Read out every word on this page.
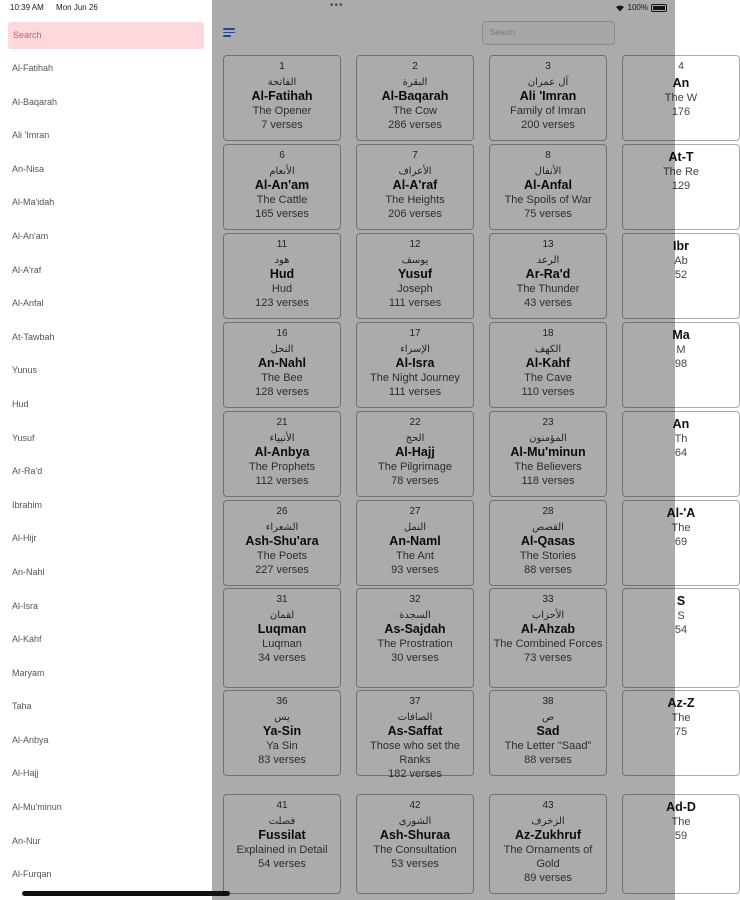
10:39 AM Mon Jun 26
Search
Al-Fatihah
Al-Baqarah
Ali 'Imran
An-Nisa
Al-Ma'idah
Al-An'am
Al-A'raf
Al-Anfal
At-Tawbah
Yunus
Hud
Yusuf
Ar-Ra'd
Ibrahim
Al-Hijr
An-Nahl
Al-Isra
Al-Kahf
Maryam
Taha
Al-Anbya
Al-Hajj
Al-Mu'minun
An-Nur
Al-Furqan
•••	100%
Search
1
الفاتحة
Al-Fatihah
The Opener
7 verses
2
البقرة
Al-Baqarah
The Cow
286 verses
3
آل عمران
Ali 'Imran
Family of Imran
200 verses
4
An
The W
176
6
الأنعام
Al-An'am
The Cattle
165 verses
7
الأعراف
Al-A'raf
The Heights
206 verses
8
الأنفال
Al-Anfal
The Spoils of War
75 verses
At-T
The Re
129
11
هود
Hud
Hud
123 verses
12
يوسف
Yusuf
Joseph
111 verses
13
الرعد
Ar-Ra'd
The Thunder
43 verses
Ibr
Ab
52
16
النحل
An-Nahl
The Bee
128 verses
17
الإسراء
Al-Isra
The Night Journey
111 verses
18
الكهف
Al-Kahf
The Cave
110 verses
Ma
M
98
21
الأنبياء
Al-Anbya
The Prophets
112 verses
22
الحج
Al-Hajj
The Pilgrimage
78 verses
23
المؤمنون
Al-Mu'minun
The Believers
118 verses
An
Th
64
26
الشعراء
Ash-Shu'ara
The Poets
227 verses
27
النمل
An-Naml
The Ant
93 verses
28
القصص
Al-Qasas
The Stories
88 verses
Al-'A
The
69
31
لقمان
Luqman
Luqman
34 verses
32
السجدة
As-Sajdah
The Prostration
30 verses
33
الأحزاب
Al-Ahzab
The Combined Forces
73 verses
S
S
54
36
يس
Ya-Sin
Ya Sin
83 verses
37
الصافات
As-Saffat
Those who set the Ranks
182 verses
38
ص
Sad
The Letter "Saad"
88 verses
Az-Z
The
75
41
فصلت
Fussilat
Explained in Detail
54 verses
42
الشورى
Ash-Shuraa
The Consultation
53 verses
43
الزخرف
Az-Zukhruf
The Ornaments of Gold
89 verses
Ad-D
The
59
